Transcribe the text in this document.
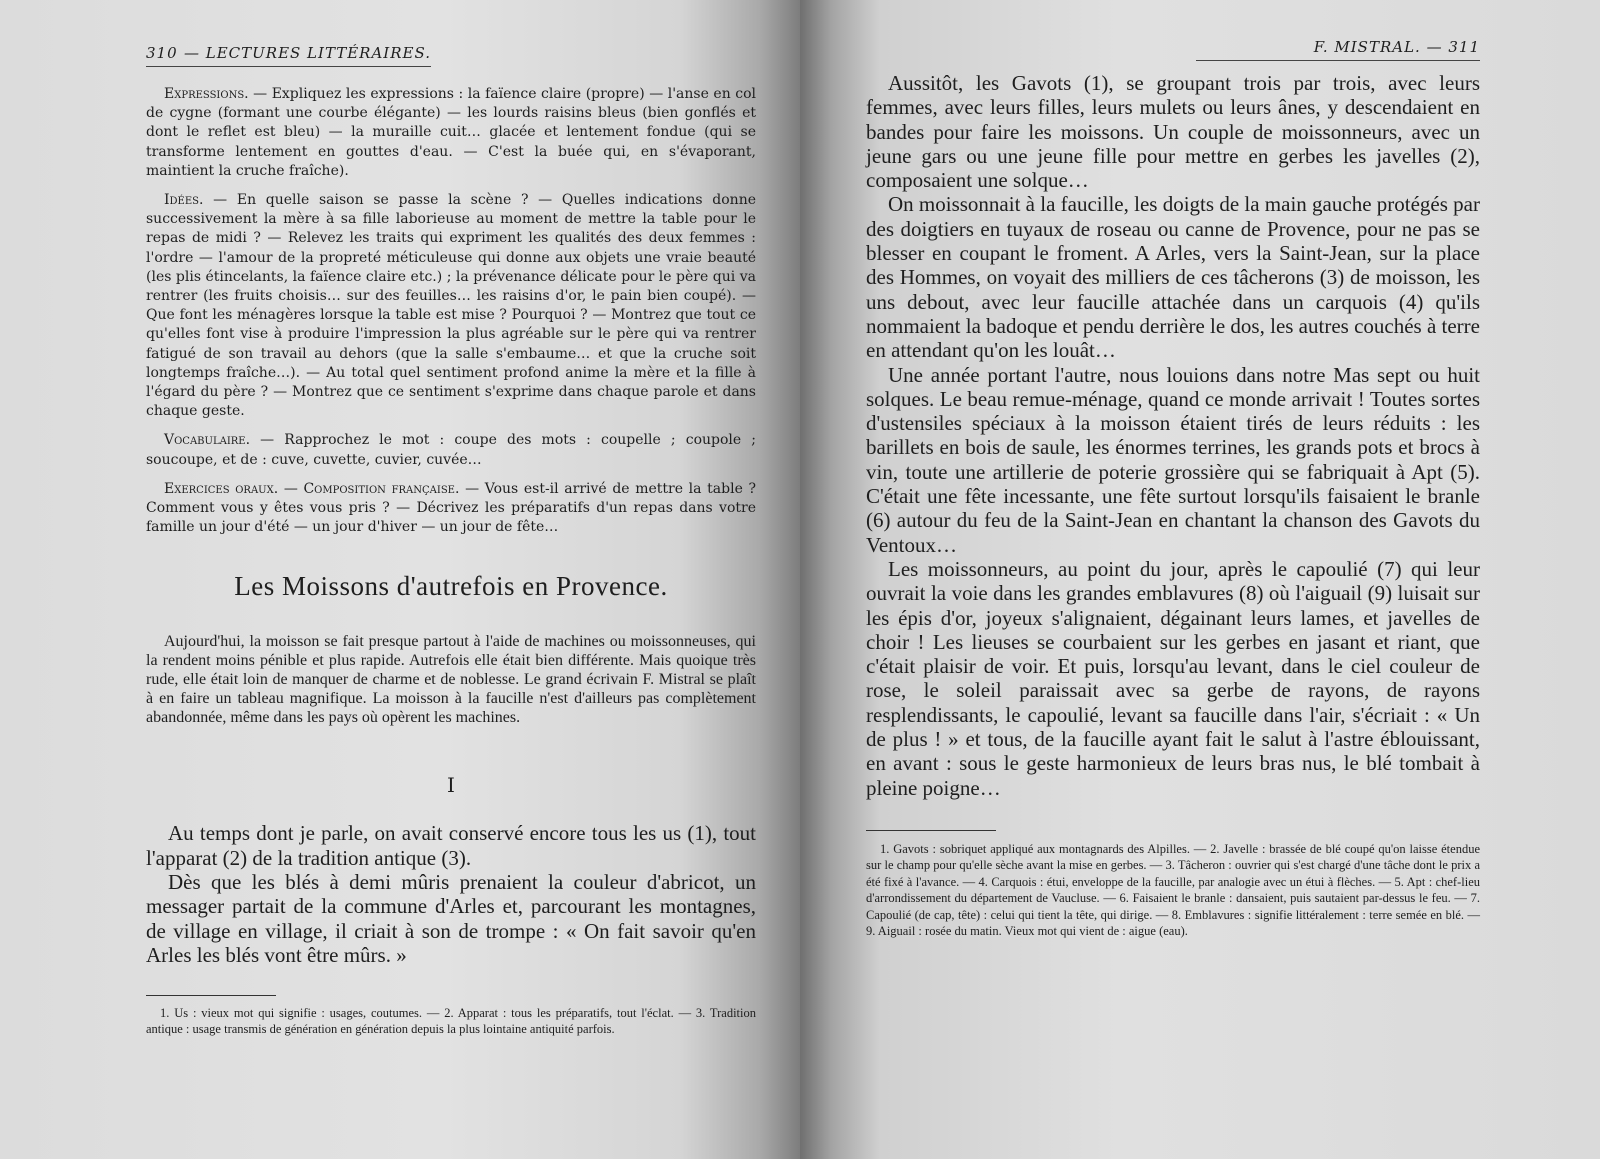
310 — LECTURES LITTÉRAIRES.

Expressions. — Expliquez les expressions : la faïence claire (propre) — l'anse en col de cygne (formant une courbe élégante) — les lourds raisins bleus (bien gonflés et dont le reflet est bleu) — la muraille cuit… glacée et lentement fondue (qui se transforme lentement en gouttes d'eau. — C'est la buée qui, en s'évaporant, maintient la cruche fraîche).

Idées. — En quelle saison se passe la scène ? — Quelles indications donne successivement la mère à sa fille laborieuse au moment de mettre la table pour le repas de midi ? — Relevez les traits qui expriment les qualités des deux femmes : l'ordre — l'amour de la propreté méticuleuse qui donne aux objets une vraie beauté (les plis étincelants, la faïence claire etc.) ; la prévenance délicate pour le père qui va rentrer (les fruits choisis… sur des feuilles… les raisins d'or, le pain bien coupé). — Que font les ménagères lorsque la table est mise ? Pourquoi ? — Montrez que tout ce qu'elles font vise à produire l'impression la plus agréable sur le père qui va rentrer fatigué de son travail au dehors (que la salle s'embaume… et que la cruche soit longtemps fraîche…). — Au total quel sentiment profond anime la mère et la fille à l'égard du père ? — Montrez que ce sentiment s'exprime dans chaque parole et dans chaque geste.

Vocabulaire. — Rapprochez le mot : coupe des mots : coupelle ; coupole ; soucoupe, et de : cuve, cuvette, cuvier, cuvée…

Exercices oraux. — Composition française. — Vous est-il arrivé de mettre la table ? Comment vous y êtes vous pris ? — Décrivez les préparatifs d'un repas dans votre famille un jour d'été — un jour d'hiver — un jour de fête…

Les Moissons d'autrefois en Provence.

Aujourd'hui, la moisson se fait presque partout à l'aide de machines ou moissonneuses, qui la rendent moins pénible et plus rapide. Autrefois elle était bien différente. Mais quoique très rude, elle était loin de manquer de charme et de noblesse. Le grand écrivain F. Mistral se plaît à en faire un tableau magnifique. La moisson à la faucille n'est d'ailleurs pas complètement abandonnée, même dans les pays où opèrent les machines.

I

Au temps dont je parle, on avait conservé encore tous les us (1), tout l'apparat (2) de la tradition antique (3).

Dès que les blés à demi mûris prenaient la couleur d'abricot, un messager partait de la commune d'Arles et, parcourant les montagnes, de village en village, il criait à son de trompe : « On fait savoir qu'en Arles les blés vont être mûrs. »

1. Us : vieux mot qui signifie : usages, coutumes. — 2. Apparat : tous les préparatifs, tout l'éclat. — 3. Tradition antique : usage transmis de génération en génération depuis la plus lointaine antiquité parfois.

F. MISTRAL. —
311

Aussitôt, les Gavots (1), se groupant trois par trois, avec leurs femmes, avec leurs filles, leurs mulets ou leurs ânes, y descendaient en bandes pour faire les moissons. Un couple de moissonneurs, avec un jeune gars ou une jeune fille pour mettre en gerbes les javelles (2), composaient une solque…

On moissonnait à la faucille, les doigts de la main gauche protégés par des doigtiers en tuyaux de roseau ou canne de Provence, pour ne pas se blesser en coupant le froment. A Arles, vers la Saint-Jean, sur la place des Hommes, on voyait des milliers de ces tâcherons (3) de moisson, les uns debout, avec leur faucille attachée dans un carquois (4) qu'ils nommaient la badoque et pendu derrière le dos, les autres couchés à terre en attendant qu'on les louât…

Une année portant l'autre, nous louions dans notre Mas sept ou huit solques. Le beau remue-ménage, quand ce monde arrivait ! Toutes sortes d'ustensiles spéciaux à la moisson étaient tirés de leurs réduits : les barillets en bois de saule, les énormes terrines, les grands pots et brocs à vin, toute une artillerie de poterie grossière qui se fabriquait à Apt (5). C'était une fête incessante, une fête surtout lorsqu'ils faisaient le branle (6) autour du feu de la Saint-Jean en chantant la chanson des Gavots du Ventoux…

Les moissonneurs, au point du jour, après le capoulié (7) qui leur ouvrait la voie dans les grandes emblavures (8) où l'aiguail (9) luisait sur les épis d'or, joyeux s'alignaient, dégainant leurs lames, et javelles de choir ! Les lieuses se courbaient sur les gerbes en jasant et riant, que c'était plaisir de voir. Et puis, lorsqu'au levant, dans le ciel couleur de rose, le soleil paraissait avec sa gerbe de rayons, de rayons resplendissants, le capoulié, levant sa faucille dans l'air, s'écriait : « Un de plus ! » et tous, de la faucille ayant fait le salut à l'astre éblouissant, en avant : sous le geste harmonieux de leurs bras nus, le blé tombait à pleine poigne…

1. Gavots : sobriquet appliqué aux montagnards des Alpilles. — 2. Javelle : brassée de blé coupé qu'on laisse étendue sur le champ pour qu'elle sèche avant la mise en gerbes. — 3. Tâcheron : ouvrier qui s'est chargé d'une tâche dont le prix a été fixé à l'avance. — 4. Carquois : étui, enveloppe de la faucille, par analogie avec un étui à flèches. — 5. Apt : chef-lieu d'arrondissement du département de Vaucluse. — 6. Faisaient le branle : dansaient, puis sautaient par-dessus le feu. — 7. Capoulié (de cap, tête) : celui qui tient la tête, qui dirige. — 8. Emblavures : signifie littéralement : terre semée en blé. — 9. Aiguail : rosée du matin. Vieux mot qui vient de : aigue (eau).
